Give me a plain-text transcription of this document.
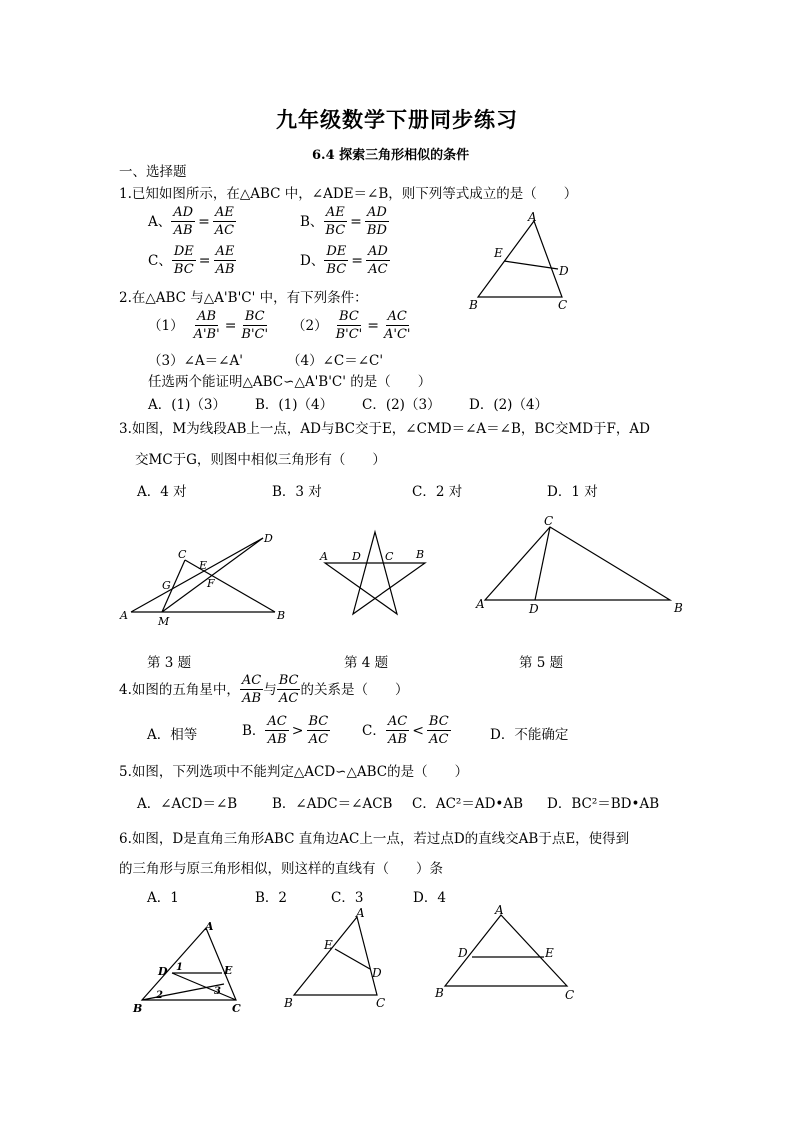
九年级数学下册同步练习
6.4 探索三角形相似的条件
一、选择题
1.已知如图所示，在△ABC 中，∠ADE＝∠B，则下列等式成立的是（　　）
A、 $\frac{AD}{AB} = \frac{AE}{AC}$	B、 $\frac{AE}{BC} = \frac{AD}{BD}$
C、 $\frac{DE}{BC} = \frac{AE}{AB}$	D、 $\frac{DE}{BC} = \frac{AD}{AC}$
A
E
D
B	C
2.在△ABC 与△A'B'C' 中，有下列条件：
$(1) \frac{AB}{A'B'} = \frac{BC}{B'C'} (2) \frac{BC}{B'C'} = \frac{AC}{A'C'}$
（3）∠A＝∠A'	（4）∠C＝∠C'
任选两个能证明△ABC∽△A'B'C' 的是（　　）
A．(1)（3） B．(1)（4） C．(2)（3） D．(2)（4）
3.如图，M为线段AB上一点，AD与BC交于E，∠CMD＝∠A＝∠B，BC交MD于F，AD
交MC于G，则图中相似三角形有（　　）
A．4 对	B．3 对	C．2 对	D．1 对
D
C
E
G	F
A	M	B
A D C B
C
A	D	B
第 3 题	第 4 题	第 5 题
4.如图的五角星中， $\frac{AC}{AB}$ 与 $\frac{BC}{AC}$ 的关系是（　　）
A．相等	B． $\frac{AC}{AB} > \frac{BC}{AC}$ C． $\frac{AC}{AB} < \frac{BC}{AC}$	D．不能确定
5.如图，下列选项中不能判定△ACD∽△ABC的是（　　）
A．∠ACD＝∠B	B．∠ADC＝∠ACB C．AC²＝AD•AB D．BC²＝BD•AB
6.如图，D是直角三角形ABC 直角边AC上一点，若过点D的直线交AB于点E，使得到
的三角形与原三角形相似，则这样的直线有（　　）条
A．1	B．2	C．3	D．4
A
D 1	E
2	3
B	C
A
E
D
B	C
A
D	E
B	C
